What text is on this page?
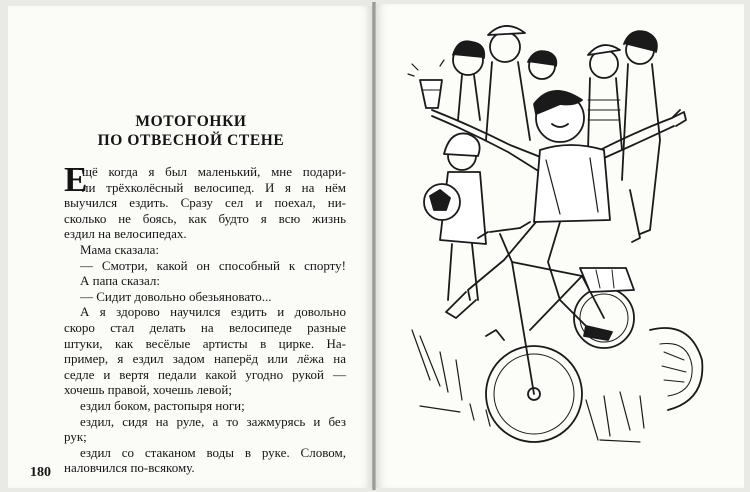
МОТОГОНКИ
ПО ОТВЕСНОЙ СТЕНЕ
Е
щё когда я был маленький, мне подари-
ли трёхколёсный велосипед. И я на нём
выучился ездить. Сразу сел и поехал, ни-
сколько не боясь, как будто я всю жизнь
ездил на велосипедах.
Мама сказала:
— Смотри, какой он способный к спорту!
А папа сказал:
— Сидит довольно обезьяновато...
А я здорово научился ездить и довольно
скоро стал делать на велосипеде разные
штуки, как весёлые артисты в цирке. На-
пример, я ездил задом наперёд или лёжа на
седле и вертя педали какой угодно рукой —
хочешь правой, хочешь левой;
ездил боком, растопыря ноги;
ездил, сидя на руле, а то зажмурясь и без
рук;
ездил со стаканом воды в руке. Словом,
наловчился по-всякому.
180
